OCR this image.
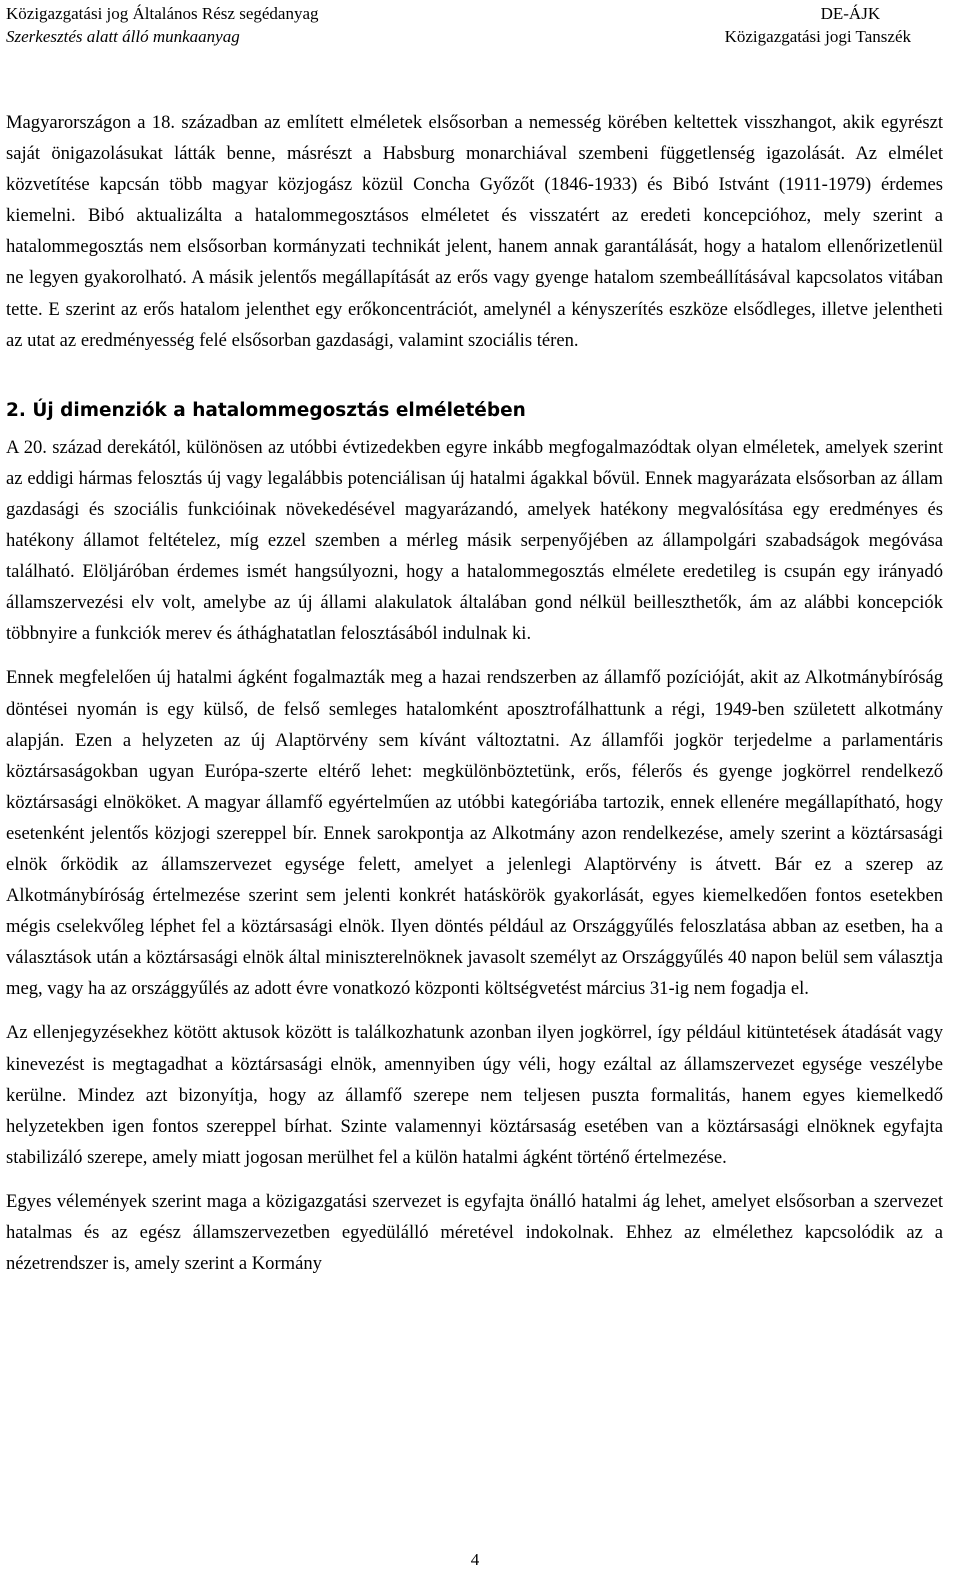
Közigazgatási jog Általános Rész segédanyag
Szerkesztés alatt álló munkaanyag
DE-ÁJK
Közigazgatási jogi Tanszék

Magyarországon a 18. században az említett elméletek elsősorban a nemesség körében keltettek visszhangot, akik egyrészt saját önigazolásukat látták benne, másrészt a Habsburg monarchiával szembeni függetlenség igazolását. Az elmélet közvetítése kapcsán több magyar közjogász közül Concha Győzőt (1846-1933) és Bibó Istvánt (1911-1979) érdemes kiemelni. Bibó aktualizálta a hatalommegosztásos elméletet és visszatért az eredeti koncepcióhoz, mely szerint a hatalommegosztás nem elsősorban kormányzati technikát jelent, hanem annak garantálását, hogy a hatalom ellenőrizetlenül ne legyen gyakorolható. A másik jelentős megállapítását az erős vagy gyenge hatalom szembeállításával kapcsolatos vitában tette. E szerint az erős hatalom jelenthet egy erőkoncentrációt, amelynél a kényszerítés eszköze elsődleges, illetve jelentheti az utat az eredményesség felé elsősorban gazdasági, valamint szociális téren.

2. Új dimenziók a hatalommegosztás elméletében

A 20. század derekától, különösen az utóbbi évtizedekben egyre inkább megfogalmazódtak olyan elméletek, amelyek szerint az eddigi hármas felosztás új vagy legalábbis potenciálisan új hatalmi ágakkal bővül. Ennek magyarázata elsősorban az állam gazdasági és szociális funkcióinak növekedésével magyarázandó, amelyek hatékony megvalósítása egy eredményes és hatékony államot feltételez, míg ezzel szemben a mérleg másik serpenyőjében az állampolgári szabadságok megóvása található. Elöljáróban érdemes ismét hangsúlyozni, hogy a hatalommegosztás elmélete eredetileg is csupán egy irányadó államszervezési elv volt, amelybe az új állami alakulatok általában gond nélkül beilleszthetők, ám az alábbi koncepciók többnyire a funkciók merev és áthághatatlan felosztásából indulnak ki.

Ennek megfelelően új hatalmi ágként fogalmazták meg a hazai rendszerben az államfő pozícióját, akit az Alkotmánybíróság döntései nyomán is egy külső, de felső semleges hatalomként aposztrofálhattunk a régi, 1949-ben született alkotmány alapján. Ezen a helyzeten az új Alaptörvény sem kívánt változtatni. Az államfői jogkör terjedelme a parlamentáris köztársaságokban ugyan Európa-szerte eltérő lehet: megkülönböztetünk, erős, félerős és gyenge jogkörrel rendelkező köztársasági elnököket. A magyar államfő egyértelműen az utóbbi kategóriába tartozik, ennek ellenére megállapítható, hogy esetenként jelentős közjogi szereppel bír. Ennek sarokpontja az Alkotmány azon rendelkezése, amely szerint a köztársasági elnök őrködik az államszervezet egysége felett, amelyet a jelenlegi Alaptörvény is átvett. Bár ez a szerep az Alkotmánybíróság értelmezése szerint sem jelenti konkrét hatáskörök gyakorlását, egyes kiemelkedően fontos esetekben mégis cselekvőleg léphet fel a köztársasági elnök. Ilyen döntés például az Országgyűlés feloszlatása abban az esetben, ha a választások után a köztársasági elnök által miniszterelnöknek javasolt személyt az Országgyűlés 40 napon belül sem választja meg, vagy ha az országgyűlés az adott évre vonatkozó központi költségvetést március 31-ig nem fogadja el.

Az ellenjegyzésekhez kötött aktusok között is találkozhatunk azonban ilyen jogkörrel, így például kitüntetések átadását vagy kinevezést is megtagadhat a köztársasági elnök, amennyiben úgy véli, hogy ezáltal az államszervezet egysége veszélybe kerülne. Mindez azt bizonyítja, hogy az államfő szerepe nem teljesen puszta formalitás, hanem egyes kiemelkedő helyzetekben igen fontos szereppel bírhat. Szinte valamennyi köztársaság esetében van a köztársasági elnöknek egyfajta stabilizáló szerepe, amely miatt jogosan merülhet fel a külön hatalmi ágként történő értelmezése.

Egyes vélemények szerint maga a közigazgatási szervezet is egyfajta önálló hatalmi ág lehet, amelyet elsősorban a szervezet hatalmas és az egész államszervezetben egyedülálló méretével indokolnak. Ehhez az elmélethez kapcsolódik az a nézetrendszer is, amely szerint a Kormány

4
